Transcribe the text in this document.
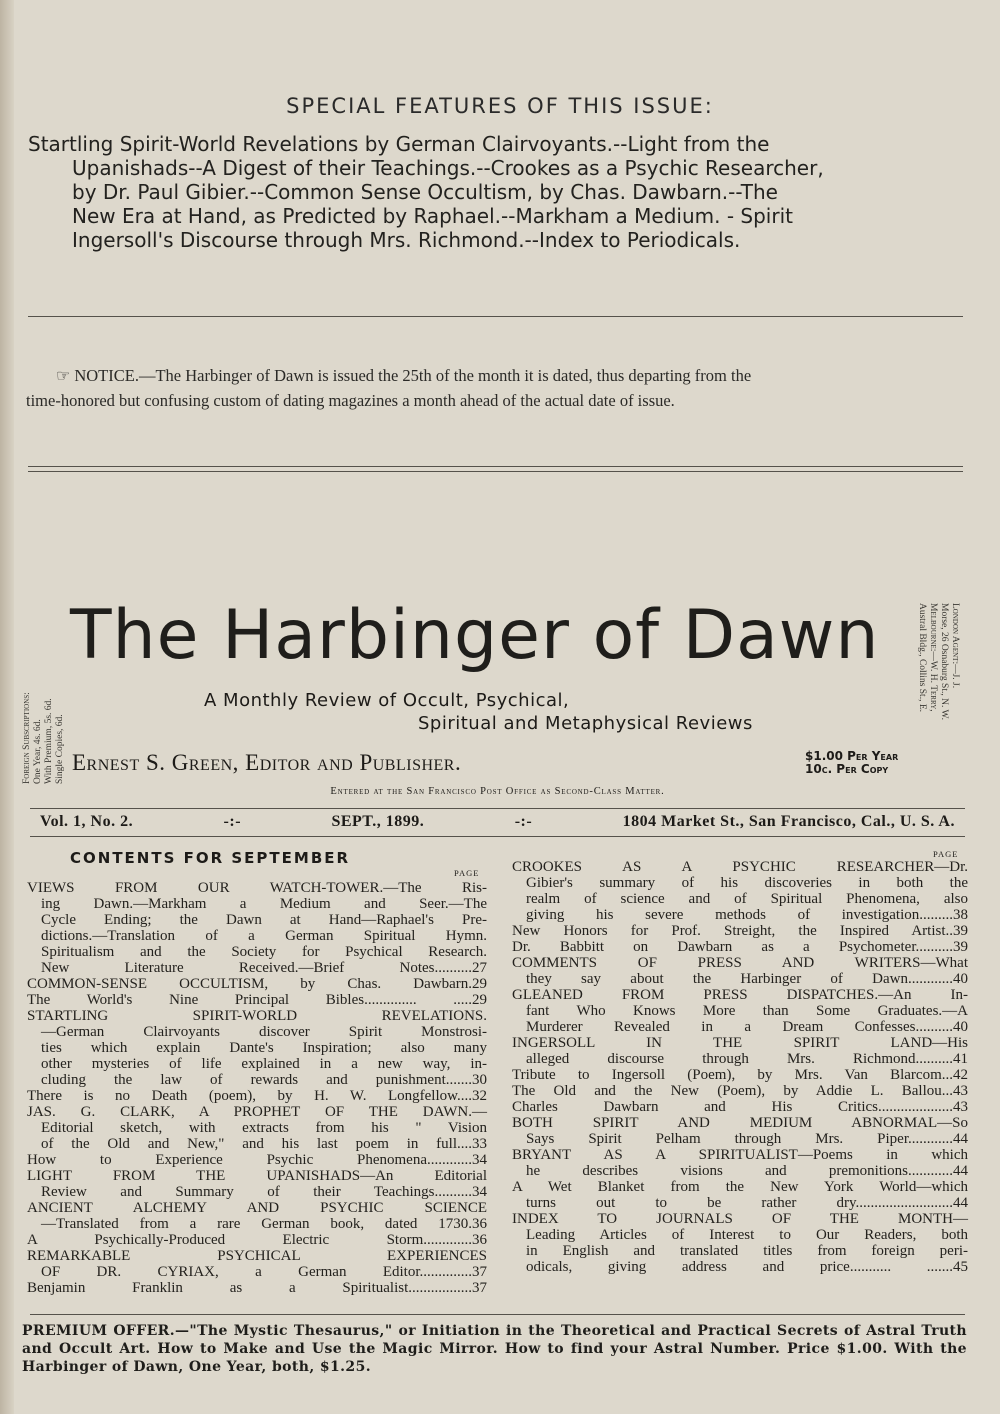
SPECIAL FEATURES OF THIS ISSUE:
Startling Spirit-World Revelations by German Clairvoyants.--Light from the
Upanishads--A Digest of their Teachings.--Crookes as a Psychic Researcher,
by Dr. Paul Gibier.--Common Sense Occultism, by Chas. Dawbarn.--The
New Era at Hand, as Predicted by Raphael.--Markham a Medium. - Spirit
Ingersoll's Discourse through Mrs. Richmond.--Index to Periodicals.
☞ NOTICE.—The Harbinger of Dawn is issued the 25th of the month it is dated, thus departing from the
time-honored but confusing custom of dating magazines a month ahead of the actual date of issue.
Foreign Subscriptions:
One Year, 4s. 6d.
With Premium, 5s. 6d.
Single Copies, 6d.
The Harbinger of Dawn	London Agent:—J. J.
Morse, 26 Osnaburg St., N. W.
Melbourne:—W. H. Terry,
Austral Bldg., Collins St., E.
A Monthly Review of Occult, Psychical,
Spiritual and Metaphysical Reviews
Ernest S. Green, Editor and Publisher.	$1.00 Per Year
10c. Per Copy
Entered at the San Francisco Post Office as Second-Class Matter.
Vol. 1, No. 2.	-:-	SEPT., 1899.	-:-	1804 Market St., San Francisco, Cal., U. S. A.
CONTENTS FOR SEPTEMBER
PAGE
PAGE
VIEWS FROM OUR WATCH-TOWER.—The Ris-
ing Dawn.—Markham a Medium and Seer.—The
Cycle Ending; the Dawn at Hand—Raphael's Pre-
dictions.—Translation of a German Spiritual Hymn.
Spiritualism and the Society for Psychical Research.
New Literature Received.—Brief Notes..........27
COMMON-SENSE OCCULTISM, by Chas. Dawbarn.29
The World's Nine Principal Bibles.............. .....29
STARTLING SPIRIT-WORLD REVELATIONS.
—German Clairvoyants discover Spirit Monstrosi-
ties which explain Dante's Inspiration; also many
other mysteries of life explained in a new way, in-
cluding the law of rewards and punishment.......30
There is no Death (poem), by H. W. Longfellow....32
JAS. G. CLARK, A PROPHET OF THE DAWN.—
Editorial sketch, with extracts from his " Vision
of the Old and New," and his last poem in full....33
How to Experience Psychic Phenomena............34
LIGHT FROM THE UPANISHADS—An Editorial
Review and Summary of their Teachings..........34
ANCIENT ALCHEMY AND PSYCHIC SCIENCE
—Translated from a rare German book, dated 1730.36
A Psychically-Produced Electric Storm.............36
REMARKABLE PSYCHICAL EXPERIENCES
OF DR. CYRIAX, a German Editor..............37
Benjamin Franklin as a Spiritualist.................37
CROOKES AS A PSYCHIC RESEARCHER—Dr.
Gibier's summary of his discoveries in both the
realm of science and of Spiritual Phenomena, also
giving his severe methods of investigation.........38
New Honors for Prof. Streight, the Inspired Artist..39
Dr. Babbitt on Dawbarn as a Psychometer..........39
COMMENTS OF PRESS AND WRITERS—What
they say about the Harbinger of Dawn............40
GLEANED FROM PRESS DISPATCHES.—An In-
fant Who Knows More than Some Graduates.—A
Murderer Revealed in a Dream Confesses..........40
INGERSOLL IN THE SPIRIT LAND—His
alleged discourse through Mrs. Richmond..........41
Tribute to Ingersoll (Poem), by Mrs. Van Blarcom...42
The Old and the New (Poem), by Addie L. Ballou...43
Charles Dawbarn and His Critics....................43
BOTH SPIRIT AND MEDIUM ABNORMAL—So
Says Spirit Pelham through Mrs. Piper............44
BRYANT AS A SPIRITUALIST—Poems in which
he describes visions and premonitions............44
A Wet Blanket from the New York World—which
turns out to be rather dry..........................44
INDEX TO JOURNALS OF THE MONTH—
Leading Articles of Interest to Our Readers, both
in English and translated titles from foreign peri-
odicals, giving address and price........... .......45
PREMIUM OFFER.—"The Mystic Thesaurus," or Initiation in the Theoretical and Practical Secrets of Astral Truth and Occult Art. How to Make and Use the Magic Mirror. How to find your Astral Number. Price $1.00. With the Harbinger of Dawn, One Year, both, $1.25.
